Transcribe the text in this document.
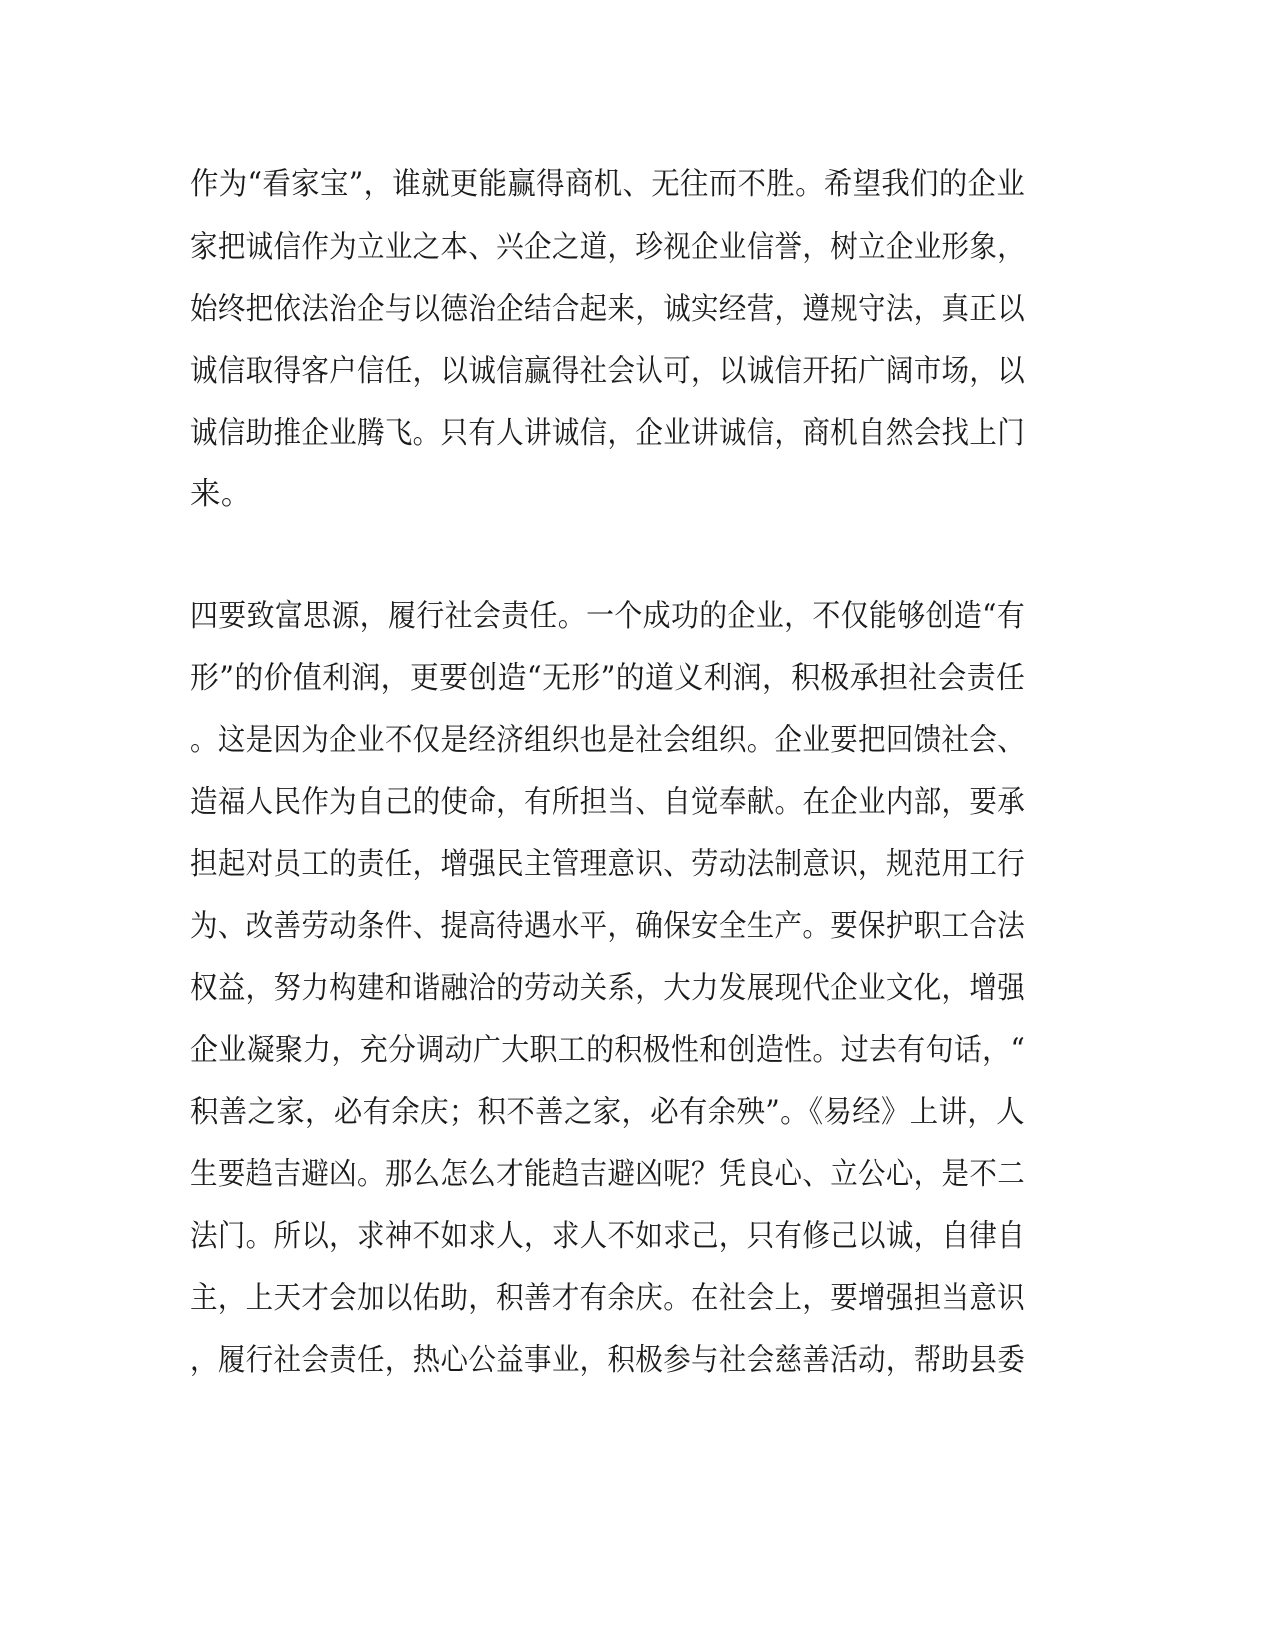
作为“看家宝”，谁就更能赢得商机、无往而不胜。希望我们的企业
家把诚信作为立业之本、兴企之道，珍视企业信誉，树立企业形象，
始终把依法治企与以德治企结合起来，诚实经营，遵规守法，真正以
诚信取得客户信任，以诚信赢得社会认可，以诚信开拓广阔市场，以
诚信助推企业腾飞。只有人讲诚信，企业讲诚信，商机自然会找上门
来。
四要致富思源，履行社会责任。一个成功的企业，不仅能够创造“有
形”的价值利润，更要创造“无形”的道义利润，积极承担社会责任
。这是因为企业不仅是经济组织也是社会组织。企业要把回馈社会、
造福人民作为自己的使命，有所担当、自觉奉献。在企业内部，要承
担起对员工的责任，增强民主管理意识、劳动法制意识，规范用工行
为、改善劳动条件、提高待遇水平，确保安全生产。要保护职工合法
权益，努力构建和谐融洽的劳动关系，大力发展现代企业文化，增强
企业凝聚力，充分调动广大职工的积极性和创造性。过去有句话，“
积善之家，必有余庆；积不善之家，必有余殃”。《易经》上讲，人
生要趋吉避凶。那么怎么才能趋吉避凶呢？凭良心、立公心，是不二
法门。所以，求神不如求人，求人不如求己，只有修己以诚，自律自
主，上天才会加以佑助，积善才有余庆。在社会上，要增强担当意识
，履行社会责任，热心公益事业，积极参与社会慈善活动，帮助县委
